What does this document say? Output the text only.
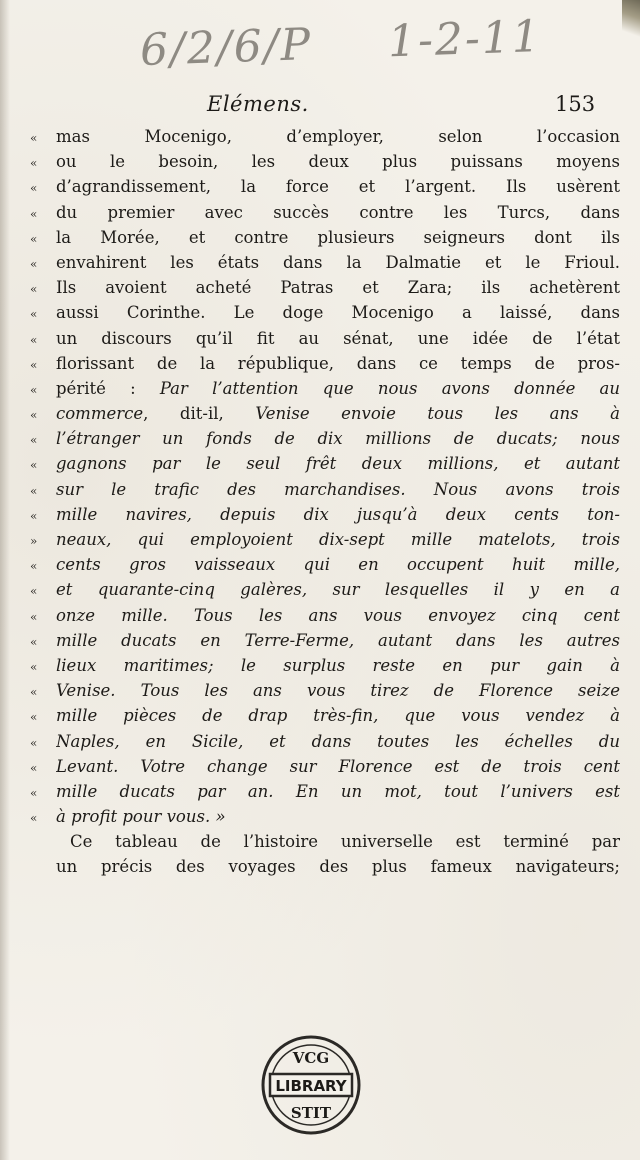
6/2/6/P 1-2-11
Elémens.	153
«	mas Mocenigo, d’employer, selon l’occasion
«	ou le besoin, les deux plus puissans moyens
«	d’agrandissement, la force et l’argent. Ils usèrent
«	du premier avec succès contre les Turcs, dans
«	la Morée, et contre plusieurs seigneurs dont ils
«	envahirent les états dans la Dalmatie et le Frioul.
«	Ils avoient acheté Patras et Zara; ils achetèrent
«	aussi Corinthe. Le doge Mocenigo a laissé, dans
«	un discours qu’il fit au sénat, une idée de l’état
«	florissant de la république, dans ce temps de pros-
«	périté : Par l’attention que nous avons donnée au
«	commerce, dit-il, Venise envoie tous les ans à
«	l’étranger un fonds de dix millions de ducats; nous
«	gagnons par le seul frêt deux millions, et autant
«	sur le trafic des marchandises. Nous avons trois
«	mille navires, depuis dix jusqu’à deux cents ton-
»	neaux, qui employoient dix-sept mille matelots, trois
«	cents gros vaisseaux qui en occupent huit mille,
«	et quarante-cinq galères, sur lesquelles il y en a
«	onze mille. Tous les ans vous envoyez cinq cent
«	mille ducats en Terre-Ferme, autant dans les autres
«	lieux maritimes; le surplus reste en pur gain à
«	Venise. Tous les ans vous tirez de Florence seize
«	mille pièces de drap très-fin, que vous vendez à
«	Naples, en Sicile, et dans toutes les échelles du
«	Levant. Votre change sur Florence est de trois cent
«	mille ducats par an. En un mot, tout l’univers est
«	à profit pour vous. »
Ce tableau de l’histoire universelle est terminé par
un précis des voyages des plus fameux navigateurs;
LIBRARY
VCG
STIT
